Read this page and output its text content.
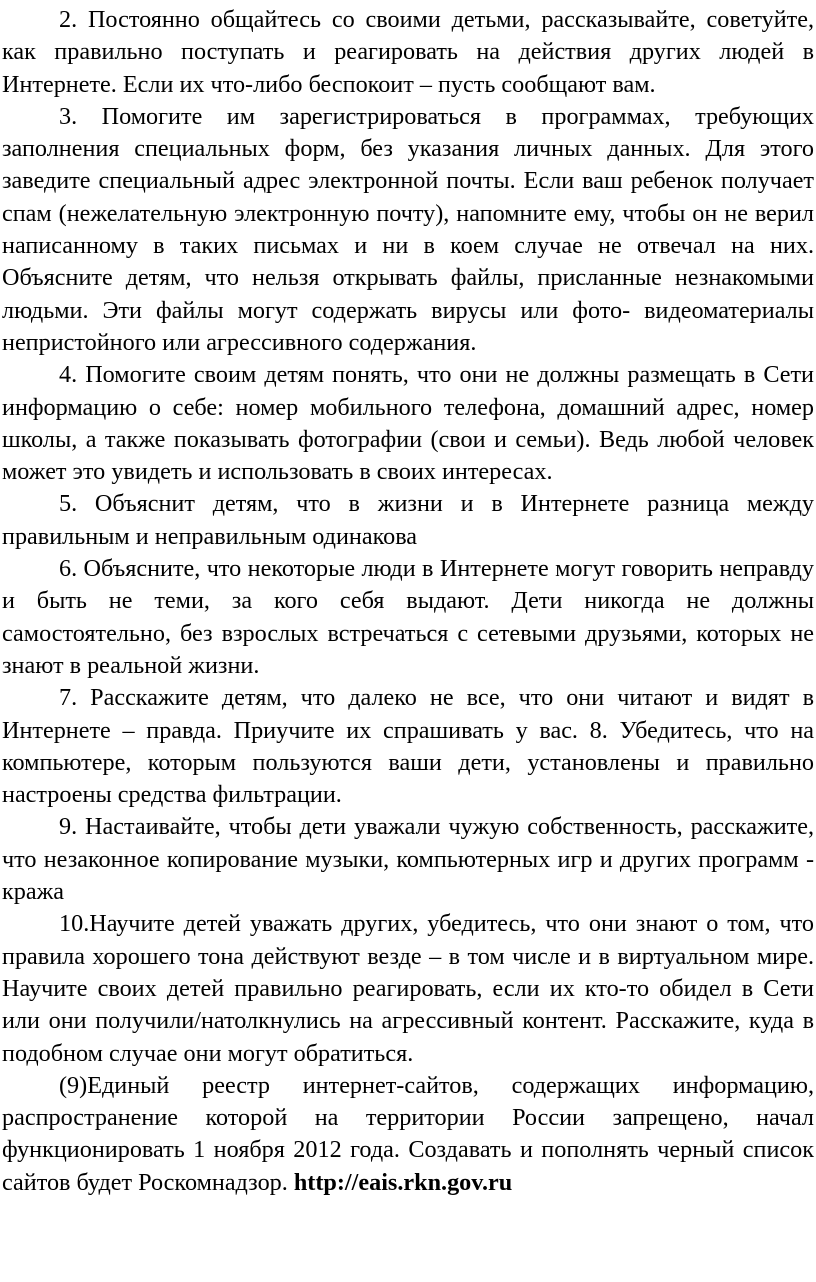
2. Постоянно общайтесь со своими детьми, рассказывайте, советуйте, как правильно поступать и реагировать на действия других людей в Интернете. Если их что-либо беспокоит – пусть сообщают вам.

3. Помогите им зарегистрироваться в программах, требующих заполнения специальных форм, без указания личных данных. Для этого заведите специальный адрес электронной почты. Если ваш ребенок получает спам (нежелательную электронную почту), напомните ему, чтобы он не верил написанному в таких письмах и ни в коем случае не отвечал на них. Объясните детям, что нельзя открывать файлы, присланные незнакомыми людьми. Эти файлы могут содержать вирусы или фото- видеоматериалы непристойного или агрессивного содержания.

4. Помогите своим детям понять, что они не должны размещать в Сети информацию о себе: номер мобильного телефона, домашний адрес, номер школы, а также показывать фотографии (свои и семьи). Ведь любой человек может это увидеть и использовать в своих интересах.

5. Объяснит детям, что в жизни и в Интернете разница между правильным и неправильным одинакова

6. Объясните, что некоторые люди в Интернете могут говорить неправду и быть не теми, за кого себя выдают. Дети никогда не должны самостоятельно, без взрослых встречаться с сетевыми друзьями, которых не знают в реальной жизни.

7. Расскажите детям, что далеко не все, что они читают и видят в Интернете – правда. Приучите их спрашивать у вас. 8. Убедитесь, что на компьютере, которым пользуются ваши дети, установлены и правильно настроены средства фильтрации.

9. Настаивайте, чтобы дети уважали чужую собственность, расскажите, что незаконное копирование музыки, компьютерных игр и других программ - кража

10.Научите детей уважать других, убедитесь, что они знают о том, что правила хорошего тона действуют везде – в том числе и в виртуальном мире. Научите своих детей правильно реагировать, если их кто-то обидел в Сети или они получили/натолкнулись на агрессивный контент. Расскажите, куда в подобном случае они могут обратиться.

(9)Единый реестр интернет-сайтов, содержащих информацию, распространение которой на территории России запрещено, начал функционировать 1 ноября 2012 года. Создавать и пополнять черный список сайтов будет Роскомнадзор. http://eais.rkn.gov.ru
